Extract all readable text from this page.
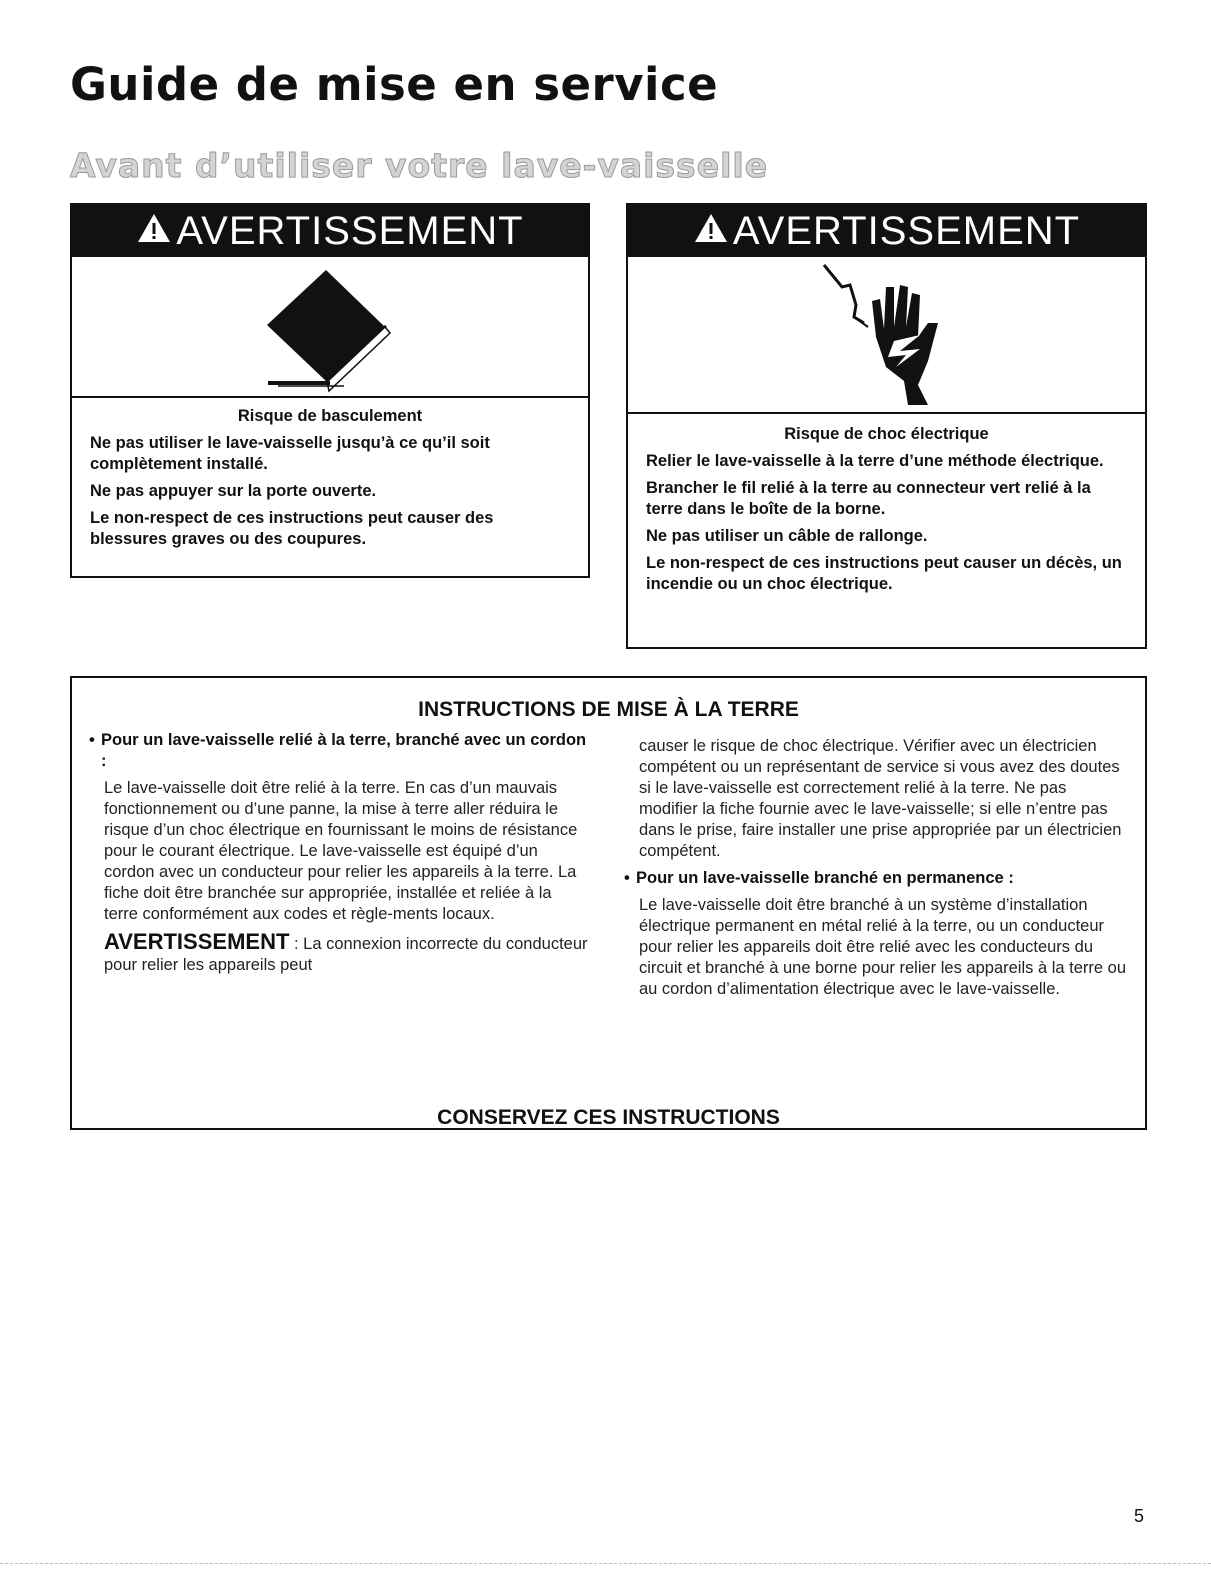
Guide de mise en service
Avant d’utiliser votre lave-vaisselle
AVERTISSEMENT

Risque de basculement

Ne pas utiliser le lave-vaisselle jusqu’à ce qu’il soit complètement installé.

Ne pas appuyer sur la porte ouverte.

Le non-respect de ces instructions peut causer des blessures graves ou des coupures.

AVERTISSEMENT

Risque de choc électrique

Relier le lave-vaisselle à la terre d’une méthode électrique.

Brancher le fil relié à la terre au connecteur vert relié à la terre dans le boîte de la borne.

Ne pas utiliser un câble de rallonge.

Le non-respect de ces instructions peut causer un décès, un incendie ou un choc électrique.

INSTRUCTIONS DE MISE À LA TERRE
• Pour un lave-vaisselle relié à la terre, branché avec un cordon :

Le lave-vaisselle doit être relié à la terre. En cas d’un mauvais fonctionnement ou d’une panne, la mise à terre aller réduira le risque d’un choc électrique en fournissant le moins de résistance pour le courant électrique. Le lave-vaisselle est équipé d’un cordon avec un conducteur pour relier les appareils à la terre. La fiche doit être branchée sur appropriée, installée et reliée à la terre conformément aux codes et règle-ments locaux.

AVERTISSEMENT : La connexion incorrecte du conducteur pour relier les appareils peut

causer le risque de choc électrique. Vérifier avec un électricien compétent ou un représentant de service si vous avez des doutes si le lave-vaisselle est correctement relié à la terre. Ne pas modifier la fiche fournie avec le lave-vaisselle; si elle n’entre pas dans le prise, faire installer une prise appropriée par un électricien compétent.

• Pour un lave-vaisselle branché en permanence :

Le lave-vaisselle doit être branché à un système d’installation électrique permanent en métal relié à la terre, ou un conducteur pour relier les appareils doit être relié avec les conducteurs du circuit et branché à une borne pour relier les appareils à la terre ou au cordon d’alimentation électrique avec le lave-vaisselle.

CONSERVEZ CES INSTRUCTIONS
5
